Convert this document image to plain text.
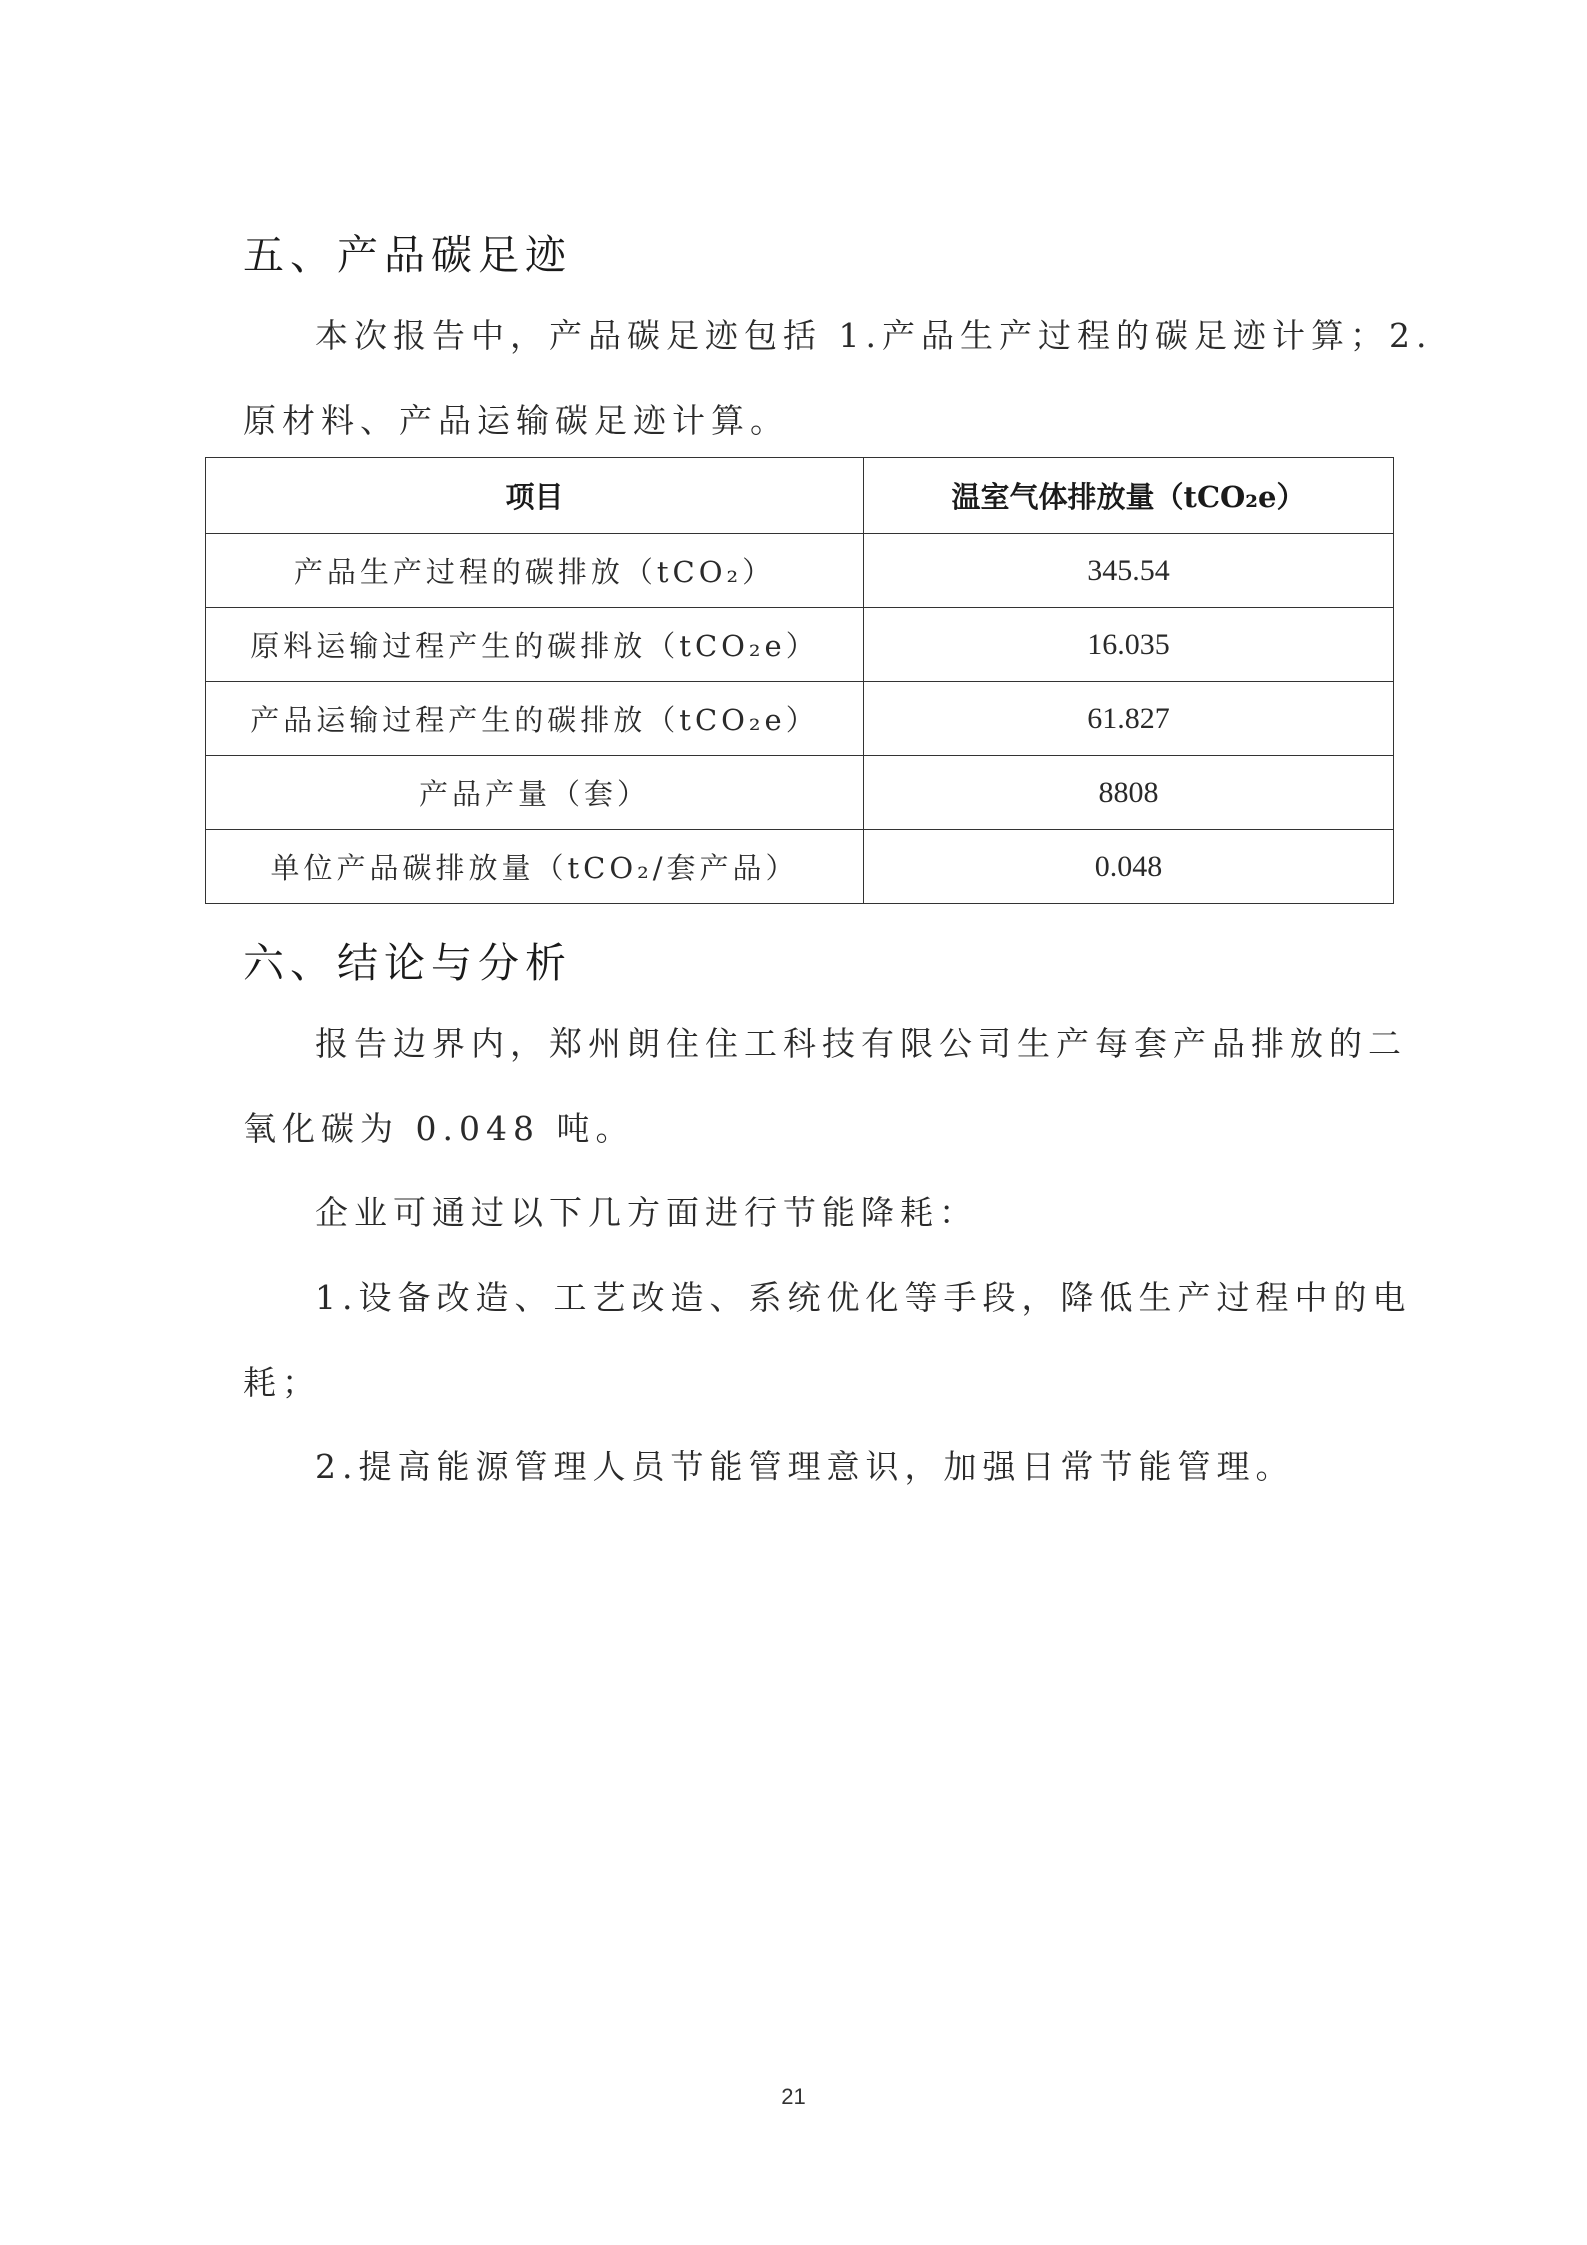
五、产品碳足迹
本次报告中，产品碳足迹包括 1.产品生产过程的碳足迹计算；2.
原材料、产品运输碳足迹计算。
项目	温室气体排放量（tCO₂e）
产品生产过程的碳排放（tCO₂）	345.54
原料运输过程产生的碳排放（tCO₂e）	16.035
产品运输过程产生的碳排放（tCO₂e）	61.827
产品产量（套）	8808
单位产品碳排放量（tCO₂/套产品）	0.048
六、结论与分析
报告边界内，郑州朗住住工科技有限公司生产每套产品排放的二
氧化碳为 0.048 吨。
企业可通过以下几方面进行节能降耗：
1.设备改造、工艺改造、系统优化等手段，降低生产过程中的电
耗；
2.提高能源管理人员节能管理意识，加强日常节能管理。
21
